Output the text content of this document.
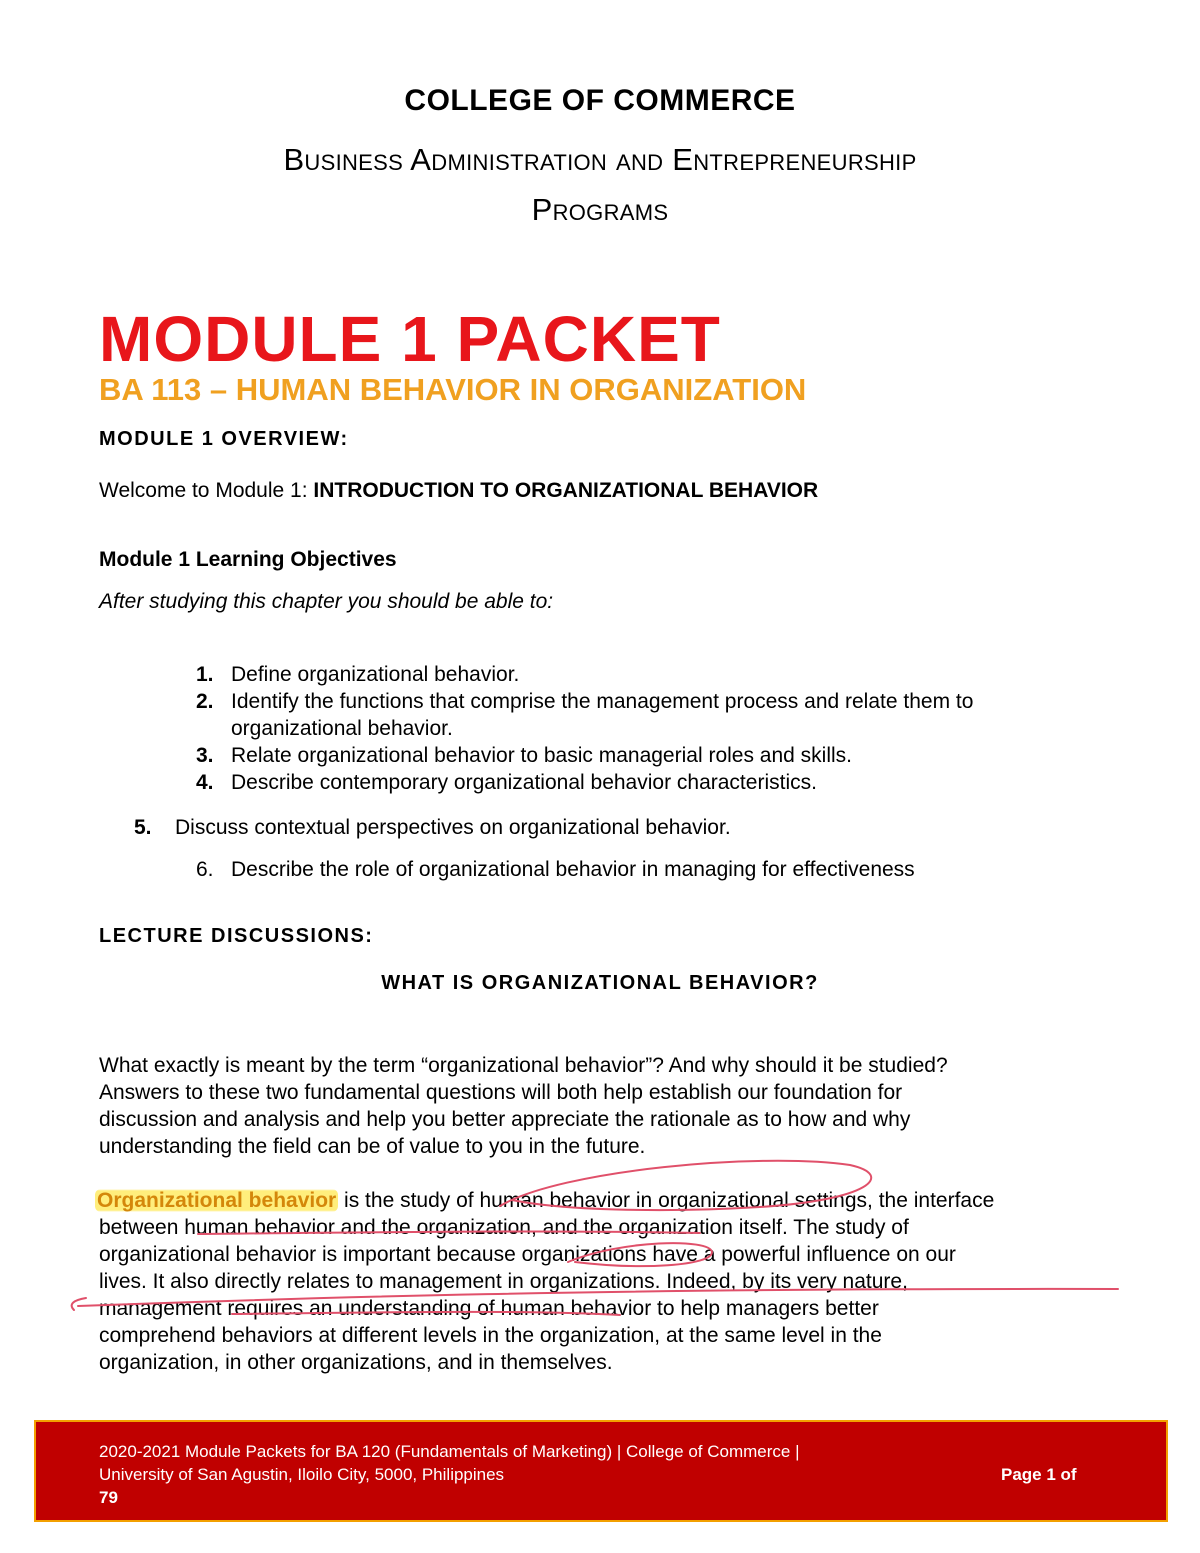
COLLEGE OF COMMERCE
Business Administration and Entrepreneurship
Programs
MODULE 1 PACKET
BA 113 – HUMAN BEHAVIOR IN ORGANIZATION
MODULE 1 OVERVIEW:
Welcome to Module 1: INTRODUCTION TO ORGANIZATIONAL BEHAVIOR
Module 1 Learning Objectives
After studying this chapter you should be able to:
1. Define organizational behavior.
2. Identify the functions that comprise the management process and relate them to
organizational behavior.
3. Relate organizational behavior to basic managerial roles and skills.
4. Describe contemporary organizational behavior characteristics.
5. Discuss contextual perspectives on organizational behavior.
6. Describe the role of organizational behavior in managing for effectiveness
LECTURE DISCUSSIONS:
WHAT IS ORGANIZATIONAL BEHAVIOR?
What exactly is meant by the term “organizational behavior”? And why should it be studied?
Answers to these two fundamental questions will both help establish our foundation for
discussion and analysis and help you better appreciate the rationale as to how and why
understanding the field can be of value to you in the future.
Organizational behavior is the study of human behavior in organizational settings, the interface
between human behavior and the organization, and the organization itself. The study of
organizational behavior is important because organizations have a powerful influence on our
lives. It also directly relates to management in organizations. Indeed, by its very nature,
management requires an understanding of human behavior to help managers better
comprehend behaviors at different levels in the organization, at the same level in the
organization, in other organizations, and in themselves.
2020-2021 Module Packets for BA 120 (Fundamentals of Marketing) | College of Commerce |
University of San Agustin, Iloilo City, 5000, Philippines	Page 1 of
79
